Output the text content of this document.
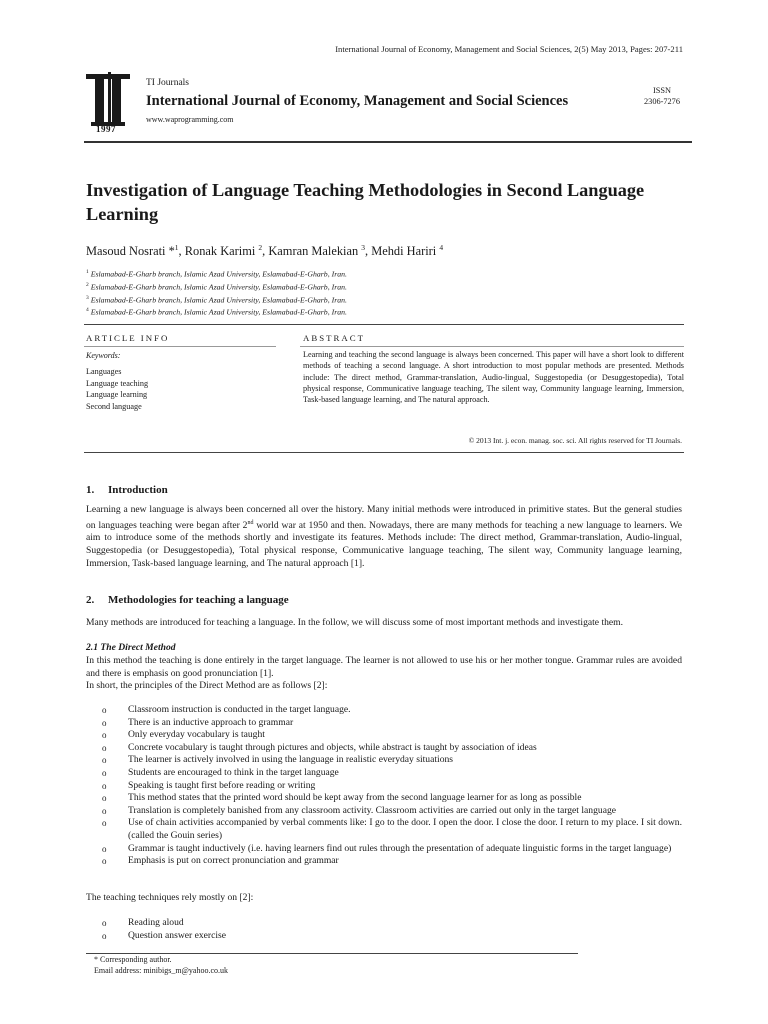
International Journal of Economy, Management and Social Sciences, 2(5) May 2013, Pages: 207-211
1997
TI Journals
International Journal of Economy, Management and Social Sciences
www.waprogramming.com
ISSN
2306-7276
Investigation of Language Teaching Methodologies in Second Language Learning
Masoud Nosrati *$^1$, Ronak Karimi $^2$, Kamran Malekian $^3$, Mehdi Hariri $^4$
$^1$ Eslamabad-E-Gharb branch, Islamic Azad University, Eslamabad-E-Gharb, Iran.
$^2$ Eslamabad-E-Gharb branch, Islamic Azad University, Eslamabad-E-Gharb, Iran.
$^3$ Eslamabad-E-Gharb branch, Islamic Azad University, Eslamabad-E-Gharb, Iran.
$^4$ Eslamabad-E-Gharb branch, Islamic Azad University, Eslamabad-E-Gharb, Iran.
ARTICLE INFO	ABSTRACT
Keywords:
Languages
Language teaching
Language learning
Second language
Learning and teaching the second language is always been concerned. This paper will have a short look to different methods of teaching a second language. A short introduction to most popular methods are presented. Methods include: The direct method, Grammar-translation, Audio-lingual, Suggestopedia (or Desuggestopedia), Total physical response, Communicative language teaching, The silent way, Community language learning, Immersion, Task-based language learning, and The natural approach.
© 2013 Int. j. econ. manag. soc. sci. All rights reserved for TI Journals.
1. Introduction
Learning a new language is always been concerned all over the history. Many initial methods were introduced in primitive states. But the general studies on languages teaching were began after 2nd world war at 1950 and then. Nowadays, there are many methods for teaching a new language to learners. We aim to introduce some of the methods shortly and investigate its features. Methods include: The direct method, Grammar-translation, Audio-lingual, Suggestopedia (or Desuggestopedia), Total physical response, Communicative language teaching, The silent way, Community language learning, Immersion, Task-based language learning, and The natural approach [1].
2. Methodologies for teaching a language
Many methods are introduced for teaching a language. In the follow, we will discuss some of most important methods and investigate them.
2.1 The Direct Method
In this method the teaching is done entirely in the target language. The learner is not allowed to use his or her mother tongue. Grammar rules are avoided and there is emphasis on good pronunciation [1].
In short, the principles of the Direct Method are as follows [2]:
o Classroom instruction is conducted in the target language.
o There is an inductive approach to grammar
o Only everyday vocabulary is taught
o Concrete vocabulary is taught through pictures and objects, while abstract is taught by association of ideas
o The learner is actively involved in using the language in realistic everyday situations
o Students are encouraged to think in the target language
o Speaking is taught first before reading or writing
o This method states that the printed word should be kept away from the second language learner for as long as possible
o Translation is completely banished from any classroom activity. Classroom activities are carried out only in the target language
o Use of chain activities accompanied by verbal comments like: I go to the door. I open the door. I close the door. I return to my place. I sit down. (called the Gouin series)
o Grammar is taught inductively (i.e. having learners find out rules through the presentation of adequate linguistic forms in the target language)
o Emphasis is put on correct pronunciation and grammar
The teaching techniques rely mostly on [2]:
o Reading aloud
o Question answer exercise
* Corresponding author.
Email address: minibigs_m@yahoo.co.uk
